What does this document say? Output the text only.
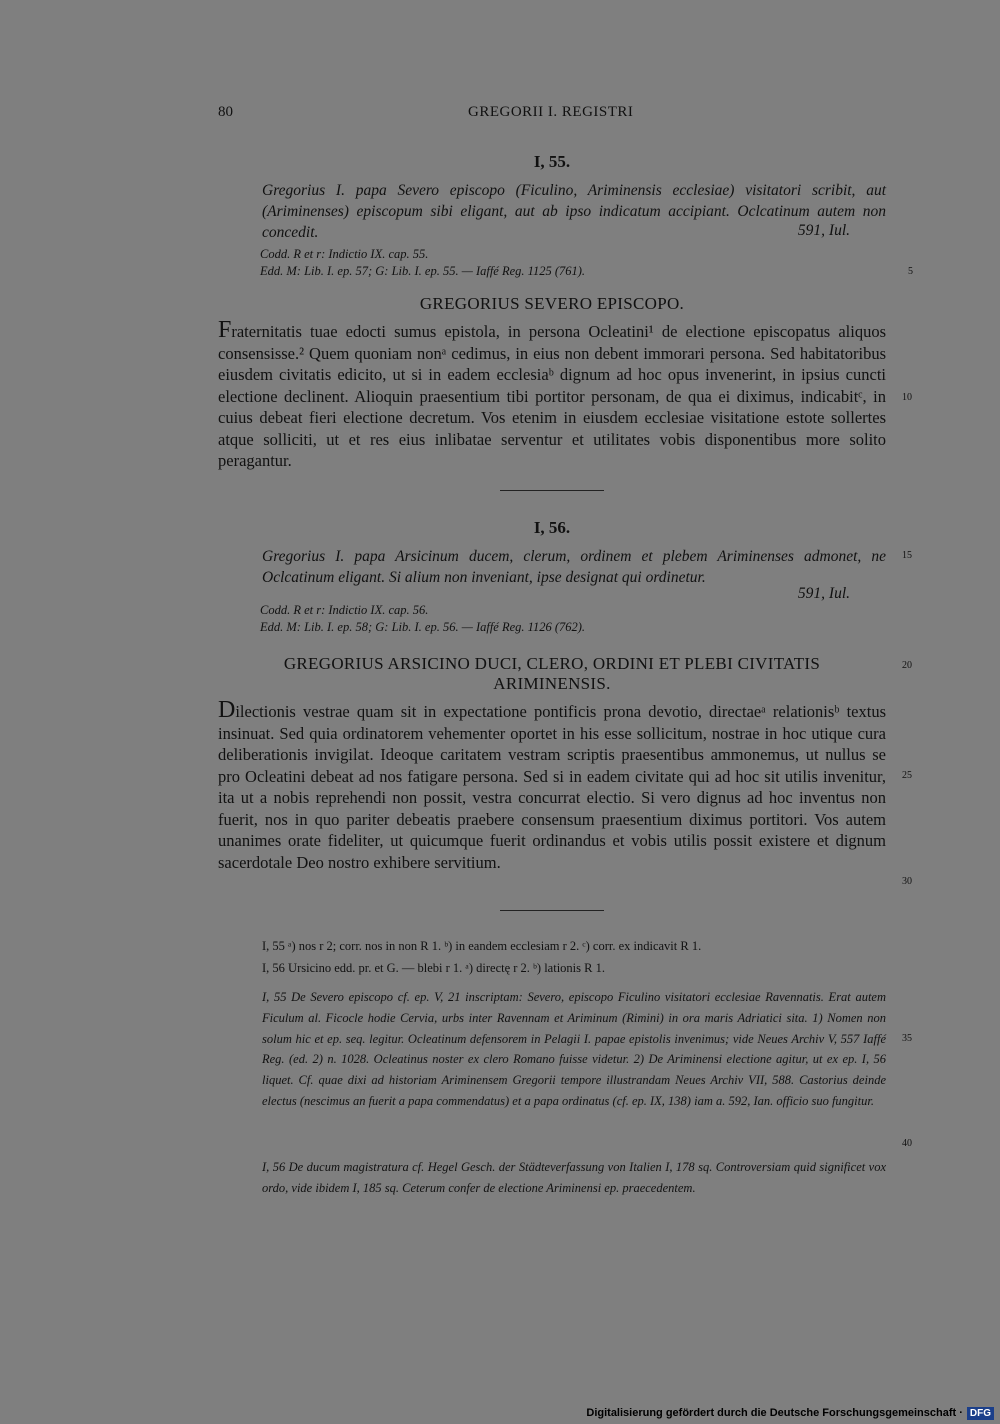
80	GREGORII I. REGISTRI
I, 55.
Gregorius I. papa Severo episcopo (Ficulino, Ariminensis ecclesiae) visitatori scribit, aut (Ariminenses) episcopum sibi eligant, aut ab ipso indicatum accipiant. Oclcatinum autem non concedit.	591, Iul.
Codd. R et r: Indictio IX. cap. 55.
Edd. M: Lib. I. ep. 57; G: Lib. I. ep. 55. — Iaffé Reg. 1125 (761).
GREGORIUS SEVERO EPISCOPO.
Fraternitatis tuae edocti sumus epistola, in persona Ocleatini¹ de electione episcopatus aliquos consensisse.² Quem quoniam nonᵃ cedimus, in eius non debent immorari persona. Sed habitatoribus eiusdem civitatis edicito, ut si in eadem ecclesiaᵇ dignum ad hoc opus invenerint, in ipsius cuncti electione declinent. Alioquin praesentium tibi portitor personam, de qua ei diximus, indicabitᶜ, in cuius debeat fieri electione decretum. Vos etenim in eiusdem ecclesiae visitatione estote sollertes atque solliciti, ut et res eius inlibatae serventur et utilitates vobis disponentibus more solito peragantur.
I, 56.
Gregorius I. papa Arsicinum ducem, clerum, ordinem et plebem Ariminenses admonet, ne Oclcatinum eligant. Si alium non inveniant, ipse designat qui ordinetur.
591, Iul.
Codd. R et r: Indictio IX. cap. 56.
Edd. M: Lib. I. ep. 58; G: Lib. I. ep. 56. — Iaffé Reg. 1126 (762).
GREGORIUS ARSICINO DUCI, CLERO, ORDINI ET PLEBI CIVITATIS
ARIMINENSIS.
Dilectionis vestrae quam sit in expectatione pontificis prona devotio, directaeᵃ relationisᵇ textus insinuat. Sed quia ordinatorem vehementer oportet in his esse sollicitum, nostrae in hoc utique cura deliberationis invigilat. Ideoque caritatem vestram scriptis praesentibus ammonemus, ut nullus se pro Ocleatini debeat ad nos fatigare persona. Sed si in eadem civitate qui ad hoc sit utilis invenitur, ita ut a nobis reprehendi non possit, vestra concurrat electio. Si vero dignus ad hoc inventus non fuerit, nos in quo pariter debeatis praebere consensum praesentium diximus portitori. Vos autem unanimes orate fideliter, ut quicumque fuerit ordinandus et vobis utilis possit existere et dignum sacerdotale Deo nostro exhibere servitium.
5
10
15
20
25
30
35
40
I, 55 ᵃ) nos r 2; corr. nos in non R 1. ᵇ) in eandem ecclesiam r 2. ᶜ) corr. ex indicavit R 1.
I, 56 Ursicino edd. pr. et G. — blebi r 1. ᵃ) directę r 2. ᵇ) lationis R 1.
I, 55 De Severo episcopo cf. ep. V, 21 inscriptam: Severo, episcopo Ficulino visitatori ecclesiae Ravennatis. Erat autem Ficulum al. Ficocle hodie Cervia, urbs inter Ravennam et Ariminum (Rimini) in ora maris Adriatici sita. 1) Nomen non solum hic et ep. seq. legitur. Ocleatinum defensorem in Pelagii I. papae epistolis invenimus; vide Neues Archiv V, 557 Iaffé Reg. (ed. 2) n. 1028. Ocleatinus noster ex clero Romano fuisse videtur. 2) De Ariminensi electione agitur, ut ex ep. I, 56 liquet. Cf. quae dixi ad historiam Ariminensem Gregorii tempore illustrandam Neues Archiv VII, 588. Castorius deinde electus (nescimus an fuerit a papa commendatus) et a papa ordinatus (cf. ep. IX, 138) iam a. 592, Ian. officio suo fungitur.
I, 56 De ducum magistratura cf. Hegel Gesch. der Städteverfassung von Italien I, 178 sq. Controversiam quid significet vox ordo, vide ibidem I, 185 sq. Ceterum confer de electione Ariminensi ep. praecedentem.
Digitalisierung gefördert durch die Deutsche Forschungsgemeinschaft · DFG
